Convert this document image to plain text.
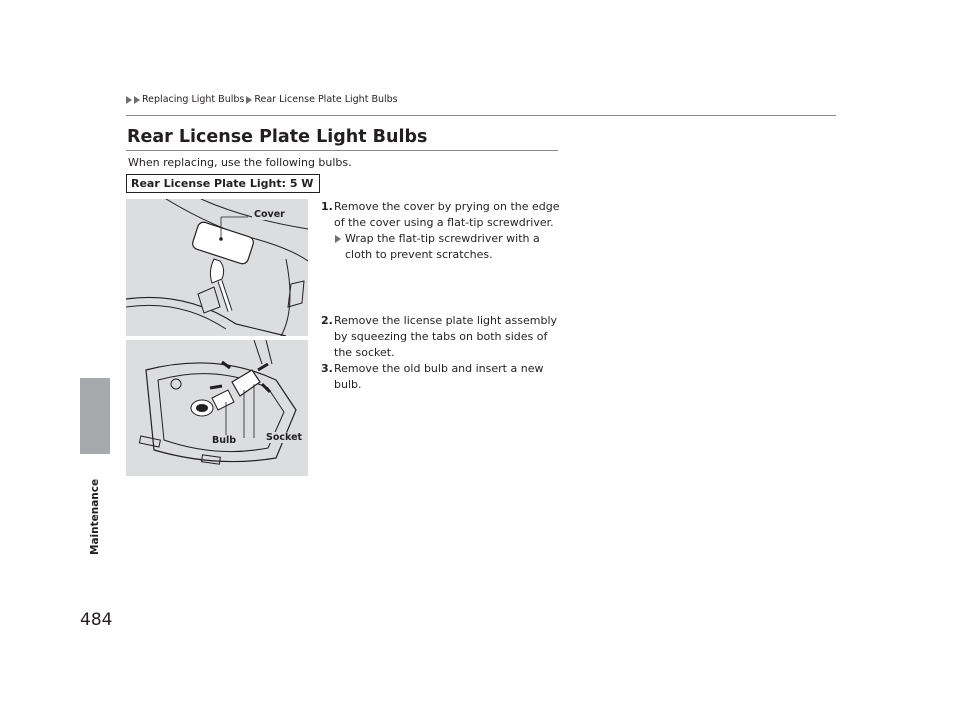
Replacing Light Bulbs Rear License Plate Light Bulbs
Maintenance
484
Rear License Plate Light Bulbs
When replacing, use the following bulbs.
Rear License Plate Light: 5 W
Cover
Bulb	Socket

1. Remove the cover by prying on the edge of the cover using a flat-tip screwdriver.

Wrap the flat-tip screwdriver with a cloth to prevent scratches.

2. Remove the license plate light assembly by squeezing the tabs on both sides of the socket.

3. Remove the old bulb and insert a new bulb.
